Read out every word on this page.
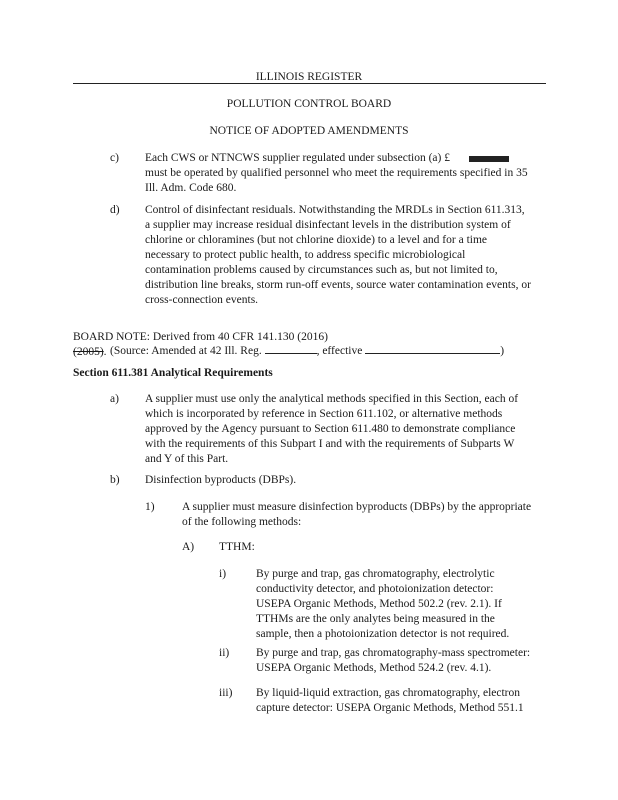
ILLINOIS REGISTER
POLLUTION CONTROL BOARD
NOTICE OF ADOPTED AMENDMENTS
c) Each CWS or NTNCWS supplier regulated under subsection (a) £
must be operated by qualified personnel who meet the requirements specified in 35
Ill. Adm. Code 680.
d) Control of disinfectant residuals. Notwithstanding the MRDLs in Section 611.313,
a supplier may increase residual disinfectant levels in the distribution system of
chlorine or chloramines (but not chlorine dioxide) to a level and for a time
necessary to protect public health, to address specific microbiological
contamination problems caused by circumstances such as, but not limited to,
distribution line breaks, storm run-off events, source water contamination events, or
cross-connection events.

BOARD NOTE: Derived from 40 CFR 141.130 (2016)
(2005). (Source: Amended at 42 Ill. Reg.	, effective	)
Section 611.381 Analytical Requirements
a) A supplier must use only the analytical methods specified in this Section, each of
which is incorporated by reference in Section 611.102, or alternative methods
approved by the Agency pursuant to Section 611.480 to demonstrate compliance
with the requirements of this Subpart I and with the requirements of Subparts W
and Y of this Part.
b) Disinfection byproducts (DBPs).
1) A supplier must measure disinfection byproducts (DBPs) by the appropriate
of the following methods:
A) TTHM:
i)	By purge and trap, gas chromatography, electrolytic
conductivity detector, and photoionization detector:
USEPA Organic Methods, Method 502.2 (rev. 2.1). If
TTHMs are the only analytes being measured in the
sample, then a photoionization detector is not required.
ii) By purge and trap, gas chromatography-mass spectrometer:
USEPA Organic Methods, Method 524.2 (rev. 4.1).
iii) By liquid-liquid extraction, gas chromatography, electron
capture detector: USEPA Organic Methods, Method 551.1
